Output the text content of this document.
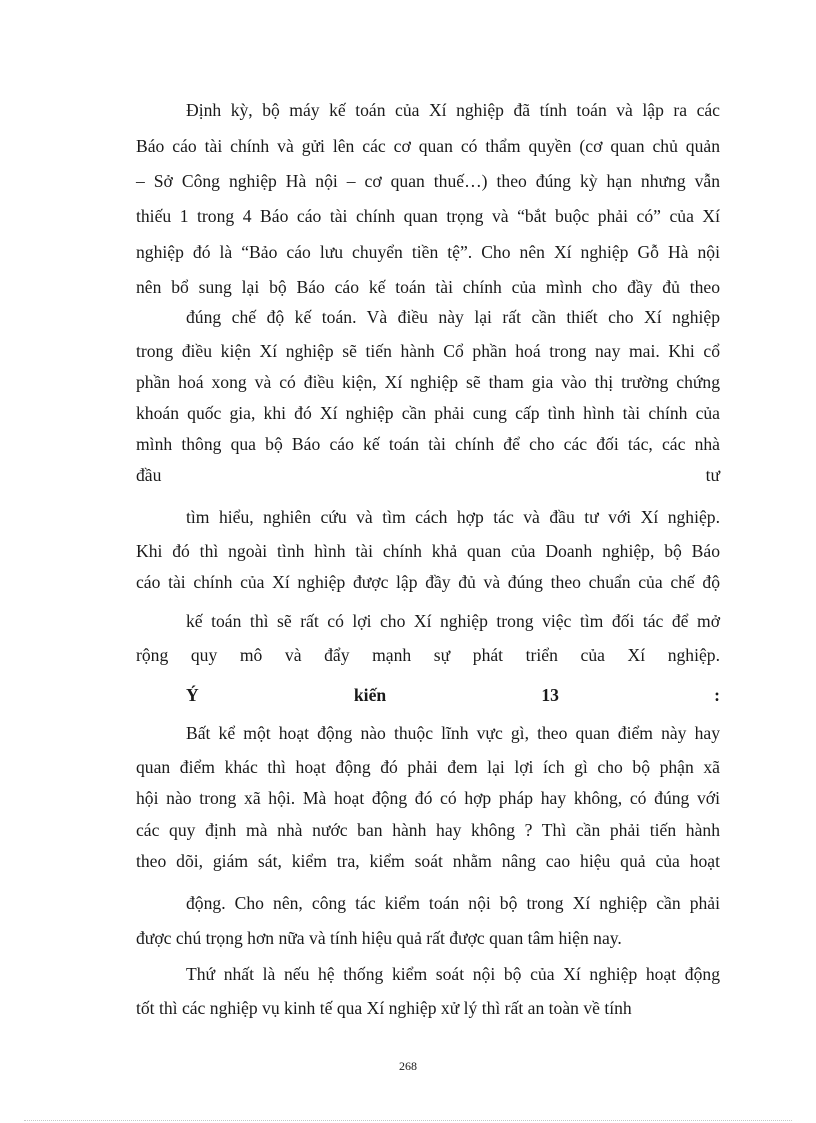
Định kỳ, bộ máy kế toán của Xí nghiệp đã tính toán và lập ra các
Báo cáo tài chính và gửi lên các cơ quan có thẩm quyền (cơ quan chủ quản
– Sở Công nghiệp Hà nội – cơ quan thuế…) theo đúng kỳ hạn nhưng vẫn
thiếu 1 trong 4 Báo cáo tài chính quan trọng và “bắt buộc phải có” của Xí
nghiệp đó là “Bảo cáo lưu chuyển tiền tệ”. Cho nên Xí nghiệp Gỗ Hà nội
nên bổ sung lại bộ Báo cáo kế toán tài chính của mình cho đầy đủ theo
đúng chế độ kế toán. Và điều này lại rất cần thiết cho Xí nghiệp
trong điều kiện Xí nghiệp sẽ tiến hành Cổ phần hoá trong nay mai. Khi cổ
phần hoá xong và có điều kiện, Xí nghiệp sẽ tham gia vào thị trường chứng
khoán quốc gia, khi đó Xí nghiệp cần phải cung cấp tình hình tài chính của
mình thông qua bộ Báo cáo kế toán tài chính để cho các đối tác, các nhà
đầu tư
tìm hiểu, nghiên cứu và tìm cách hợp tác và đầu tư với Xí nghiệp.
Khi đó thì ngoài tình hình tài chính khả quan của Doanh nghiệp, bộ Báo
cáo tài chính của Xí nghiệp được lập đầy đủ và đúng theo chuẩn của chế độ
kế toán thì sẽ rất có lợi cho Xí nghiệp trong việc tìm đối tác để mở
rộng quy mô và đẩy mạnh sự phát triển của Xí nghiệp.
Ý kiến 13 :
Bất kể một hoạt động nào thuộc lĩnh vực gì, theo quan điểm này hay
quan điểm khác thì hoạt động đó phải đem lại lợi ích gì cho bộ phận xã
hội nào trong xã hội. Mà hoạt động đó có hợp pháp hay không, có đúng với
các quy định mà nhà nước ban hành hay không ? Thì cần phải tiến hành
theo dõi, giám sát, kiểm tra, kiểm soát nhằm nâng cao hiệu quả của hoạt
động. Cho nên, công tác kiểm toán nội bộ trong Xí nghiệp cần phải
được chú trọng hơn nữa và tính hiệu quả rất được quan tâm hiện nay.
Thứ nhất là nếu hệ thống kiểm soát nội bộ của Xí nghiệp hoạt động
tốt thì các nghiệp vụ kinh tế qua Xí nghiệp xử lý thì rất an toàn về tính
268
